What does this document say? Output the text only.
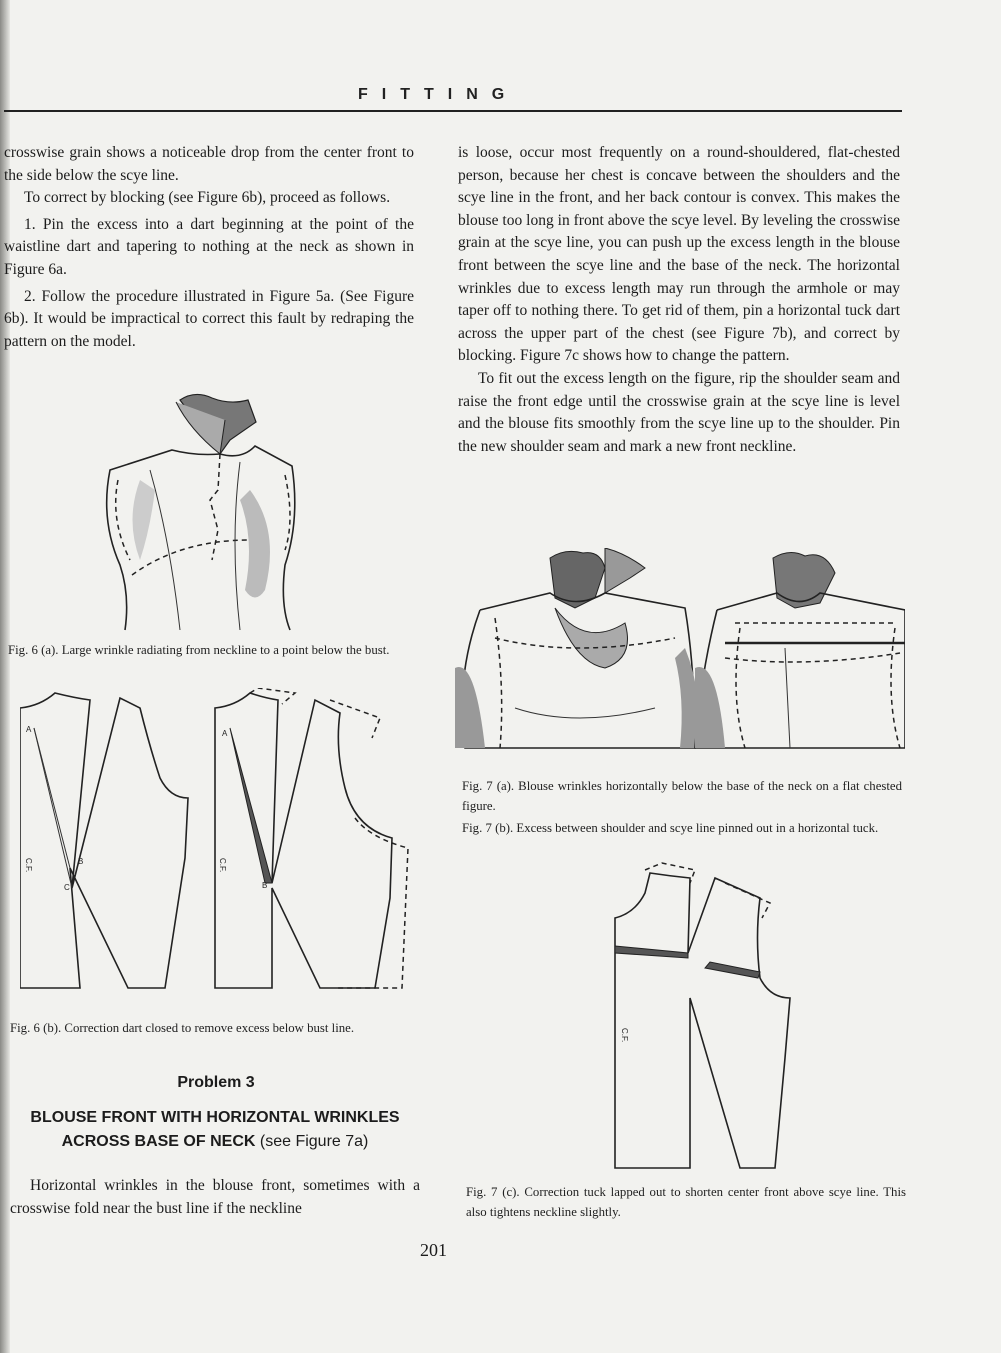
FITTING

crosswise grain shows a noticeable drop from the center front to the side below the scye line.

To correct by blocking (see Figure 6b), proceed as follows.

1. Pin the excess into a dart beginning at the point of the waistline dart and tapering to nothing at the neck as shown in Figure 6a.

2. Follow the procedure illustrated in Figure 5a. (See Figure 6b). It would be impractical to correct this fault by redraping the pattern on the model.

Fig. 6 (a). Large wrinkle radiating from neckline to a point below the bust.
A
B
C
C.F.
A
B
C.F.
Fig. 6 (b). Correction dart closed to remove excess below bust line.
Problem 3
BLOUSE FRONT WITH HORIZONTAL WRINKLES
ACROSS BASE OF NECK (see Figure 7a)
Horizontal wrinkles in the blouse front, sometimes with a crosswise fold near the bust line if the neckline

is loose, occur most frequently on a round-shouldered, flat-chested person, because her chest is concave between the shoulders and the scye line in the front, and her back contour is convex. This makes the blouse too long in front above the scye level. By leveling the crosswise grain at the scye line, you can push up the excess length in the blouse front between the scye line and the base of the neck. The horizontal wrinkles due to excess length may run through the armhole or may taper off to nothing there. To get rid of them, pin a horizontal tuck dart across the upper part of the chest (see Figure 7b), and correct by blocking. Figure 7c shows how to change the pattern.

To fit out the excess length on the figure, rip the shoulder seam and raise the front edge until the crosswise grain at the scye line is level and the blouse fits smoothly from the scye line up to the shoulder. Pin the new shoulder seam and mark a new front neckline.

Fig. 7 (a). Blouse wrinkles horizontally below the base of the neck on a flat chested figure.
Fig. 7 (b). Excess between shoulder and scye line pinned out in a horizontal tuck.
C.F.
Fig. 7 (c). Correction tuck lapped out to shorten center front above scye line. This also tightens neckline slightly.
201
